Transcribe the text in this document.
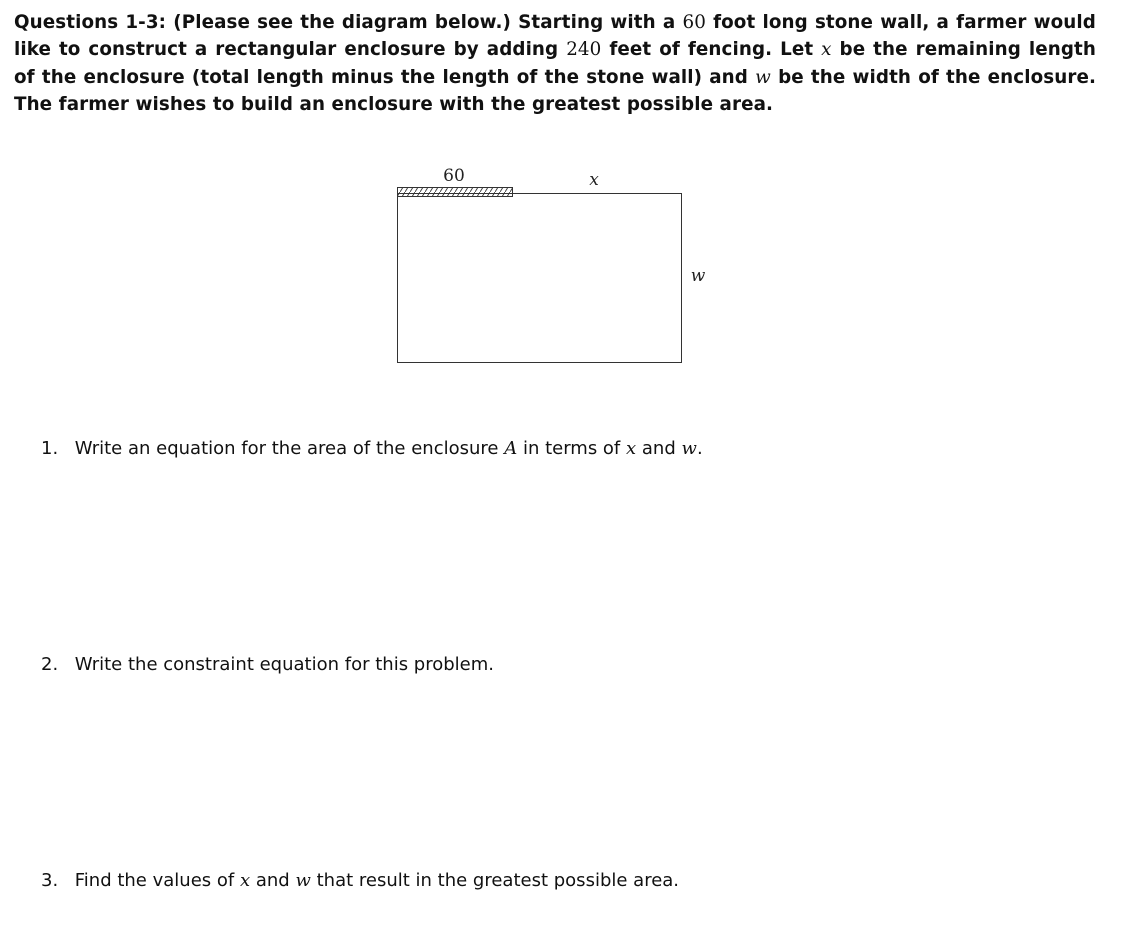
Questions 1-3: (Please see the diagram below.) Starting with a 60 foot long stone wall, a farmer would like to construct a rectangular enclosure by adding 240 feet of fencing. Let x be the remaining length of the enclosure (total length minus the length of the stone wall) and w be the width of the enclosure. The farmer wishes to build an enclosure with the greatest possible area.
60	x
w
1. Write an equation for the area of the enclosure A in terms of x and w.
2. Write the constraint equation for this problem.
3. Find the values of x and w that result in the greatest possible area.
